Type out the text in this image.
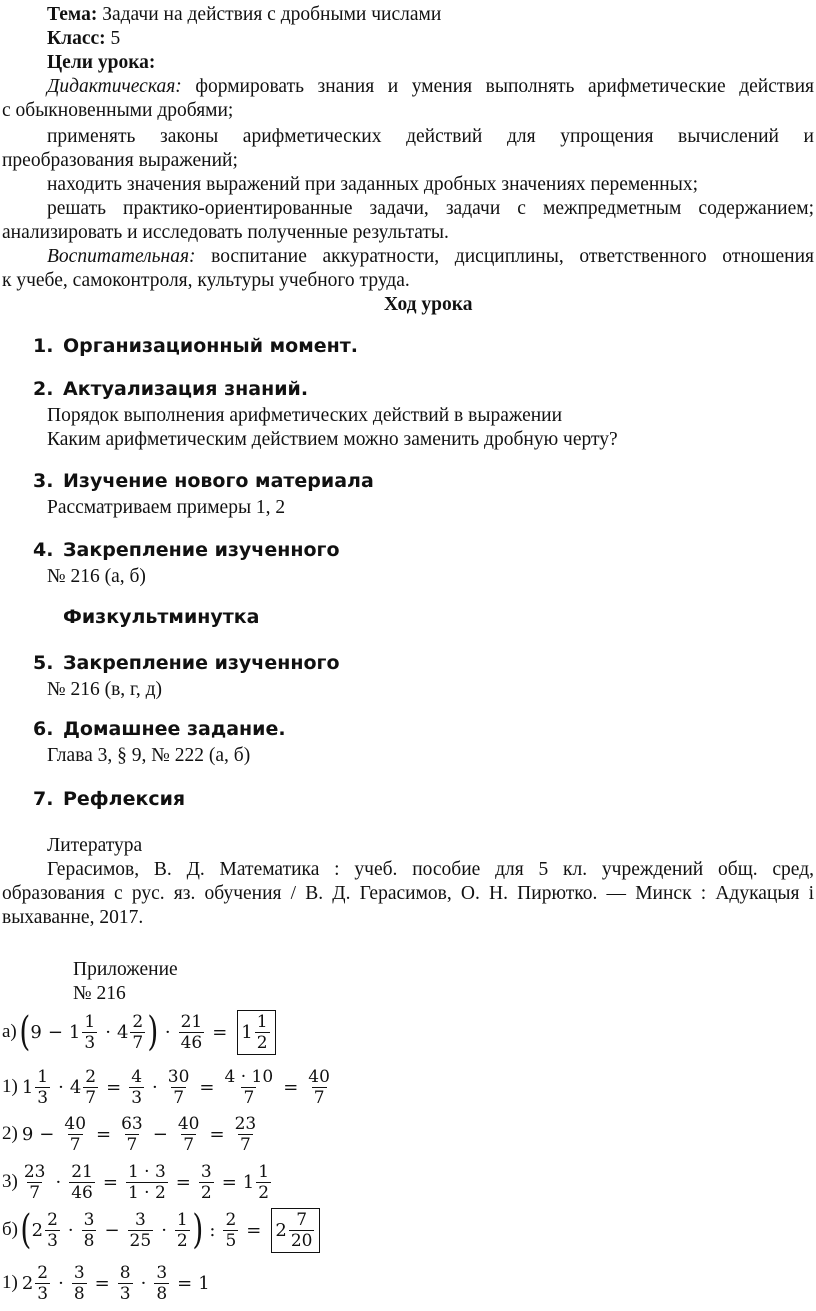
Тема: Задачи на действия с дробными числами
Класс: 5
Цели урока:
Дидактическая: формировать знания и умения выполнять арифметические действия
с обыкновенными дробями;
применять законы арифметических действий для упрощения вычислений и
преобразования выражений;
находить значения выражений при заданных дробных значениях переменных;
решать практико-ориентированные задачи, задачи с межпредметным содержанием;
анализировать и исследовать полученные результаты.
Воспитательная: воспитание аккуратности, дисциплины, ответственного отношения
к учебе, самоконтроля, культуры учебного труда.
Ход урока
1. Организационный момент.
2. Актуализация знаний.
Порядок выполнения арифметических действий в выражении
Каким арифметическим действием можно заменить дробную черту?
3. Изучение нового материала
Рассматриваем примеры 1, 2
4. Закрепление изученного
№ 216 (а, б)
Физкультминутка
5. Закрепление изученного
№ 216 (в, г, д)
6. Домашнее задание.
Глава 3, § 9, № 222 (а, б)
7. Рефлексия
Литература
Герасимов, В. Д. Математика : учеб. пособие для 5 кл. учреждений общ. сред,
образования с рус. яз. обучения / В. Д. Герасимов, О. Н. Пирютко. — Минск : Адукацыя і
выхаванне, 2017.
Приложение
№ 216
а) ( $9 - 1 \frac{1}{3} \cdot 4 \frac{2}{7}$ ) · $\frac{21}{46} = 1 \frac{1}{2}$
1) $1 \frac{1}{3} \cdot 4 \frac{2}{7} = \frac{4}{3} \cdot \frac{30}{7} = \frac{4 \cdot 10}{7} = \frac{40}{7}$
2) $9 - \frac{40}{7} = \frac{63}{7} - \frac{40}{7} = \frac{23}{7}$
$3) \frac{23}{7} \cdot \frac{21}{46} = \frac{1 \cdot 3}{1 \cdot 2} = \frac{3}{2} = 1 \frac{1}{2}$
б) ( $2 \frac{2}{3} \cdot \frac{3}{8} - \frac{3}{25} \cdot \frac{1}{2}$ ) : $\frac{2}{5} = 2 \frac{7}{20}$
1) $2 \frac{2}{3} \cdot \frac{3}{8} = \frac{8}{3} \cdot \frac{3}{8} = 1$
